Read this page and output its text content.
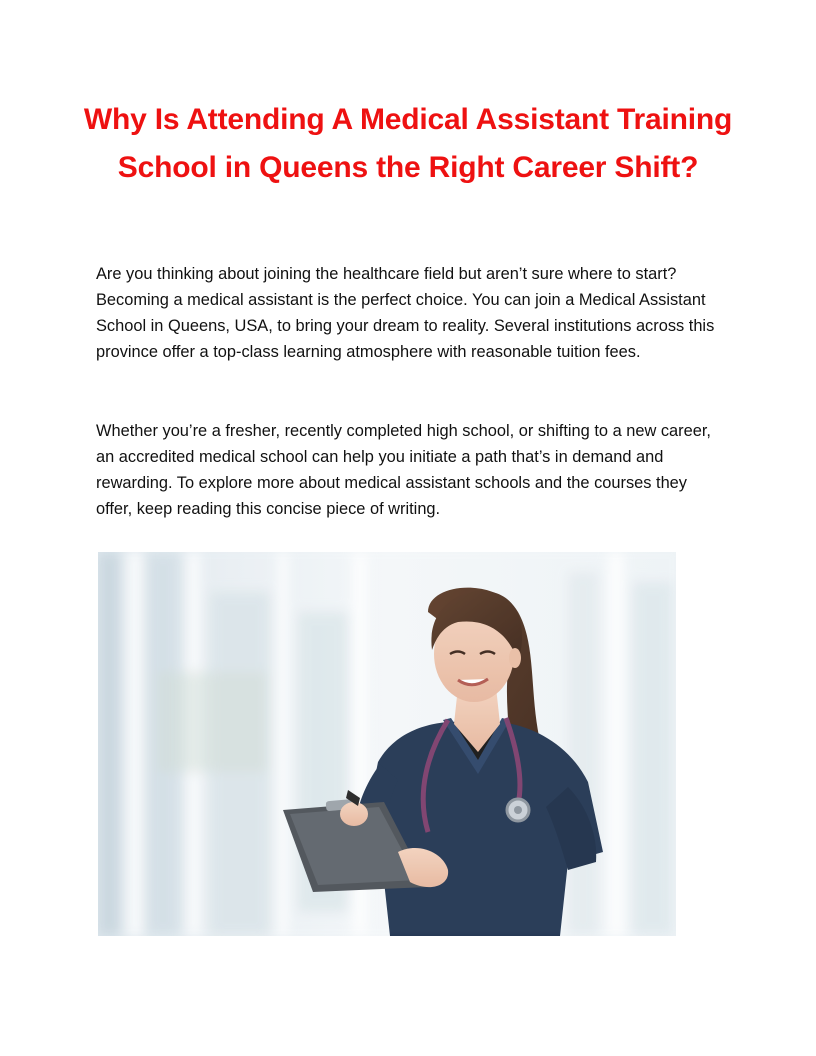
Why Is Attending A Medical Assistant Training School in Queens the Right Career Shift?

Are you thinking about joining the healthcare field but aren’t sure where to start? Becoming a medical assistant is the perfect choice. You can join a Medical Assistant School in Queens, USA, to bring your dream to reality. Several institutions across this province offer a top-class learning atmosphere with reasonable tuition fees.

Whether you’re a fresher, recently completed high school, or shifting to a new career, an accredited medical school can help you initiate a path that’s in demand and rewarding. To explore more about medical assistant schools and the courses they offer, keep reading this concise piece of writing.
